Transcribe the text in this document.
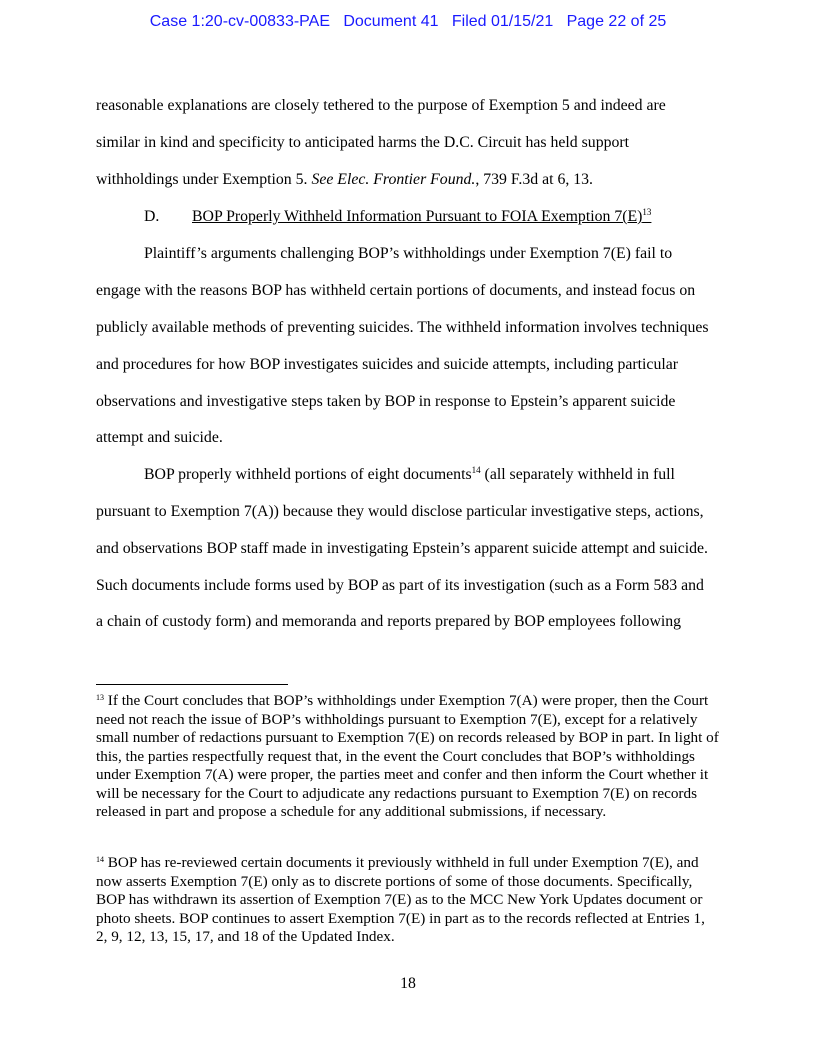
Case 1:20-cv-00833-PAE Document 41 Filed 01/15/21 Page 22 of 25

reasonable explanations are closely tethered to the purpose of Exemption 5 and indeed are

similar in kind and specificity to anticipated harms the D.C. Circuit has held support

withholdings under Exemption 5. See Elec. Frontier Found., 739 F.3d at 6, 13.

D. BOP Properly Withheld Information Pursuant to FOIA Exemption $7(E)^{13}$

Plaintiff’s arguments challenging BOP’s withholdings under Exemption 7(E) fail to

engage with the reasons BOP has withheld certain portions of documents, and instead focus on

publicly available methods of preventing suicides. The withheld information involves techniques

and procedures for how BOP investigates suicides and suicide attempts, including particular

observations and investigative steps taken by BOP in response to Epstein’s apparent suicide

attempt and suicide.

BOP properly withheld portions of eight documents$^{14}$ (all separately withheld in full

pursuant to Exemption 7(A)) because they would disclose particular investigative steps, actions,

and observations BOP staff made in investigating Epstein’s apparent suicide attempt and suicide.

Such documents include forms used by BOP as part of its investigation (such as a Form 583 and

a chain of custody form) and memoranda and reports prepared by BOP employees following

$^{13}$ If the Court concludes that BOP’s withholdings under Exemption 7(A) were proper, then the Court need not reach the issue of BOP’s withholdings pursuant to Exemption 7(E), except for a relatively small number of redactions pursuant to Exemption 7(E) on records released by BOP in part. In light of this, the parties respectfully request that, in the event the Court concludes that BOP’s withholdings under Exemption 7(A) were proper, the parties meet and confer and then inform the Court whether it will be necessary for the Court to adjudicate any redactions pursuant to Exemption 7(E) on records released in part and propose a schedule for any additional submissions, if necessary.

$^{14}$ BOP has re-reviewed certain documents it previously withheld in full under Exemption 7(E), and now asserts Exemption 7(E) only as to discrete portions of some of those documents. Specifically, BOP has withdrawn its assertion of Exemption 7(E) as to the MCC New York Updates document or photo sheets. BOP continues to assert Exemption 7(E) in part as to the records reflected at Entries 1, 2, 9, 12, 13, 15, 17, and 18 of the Updated Index.

18
